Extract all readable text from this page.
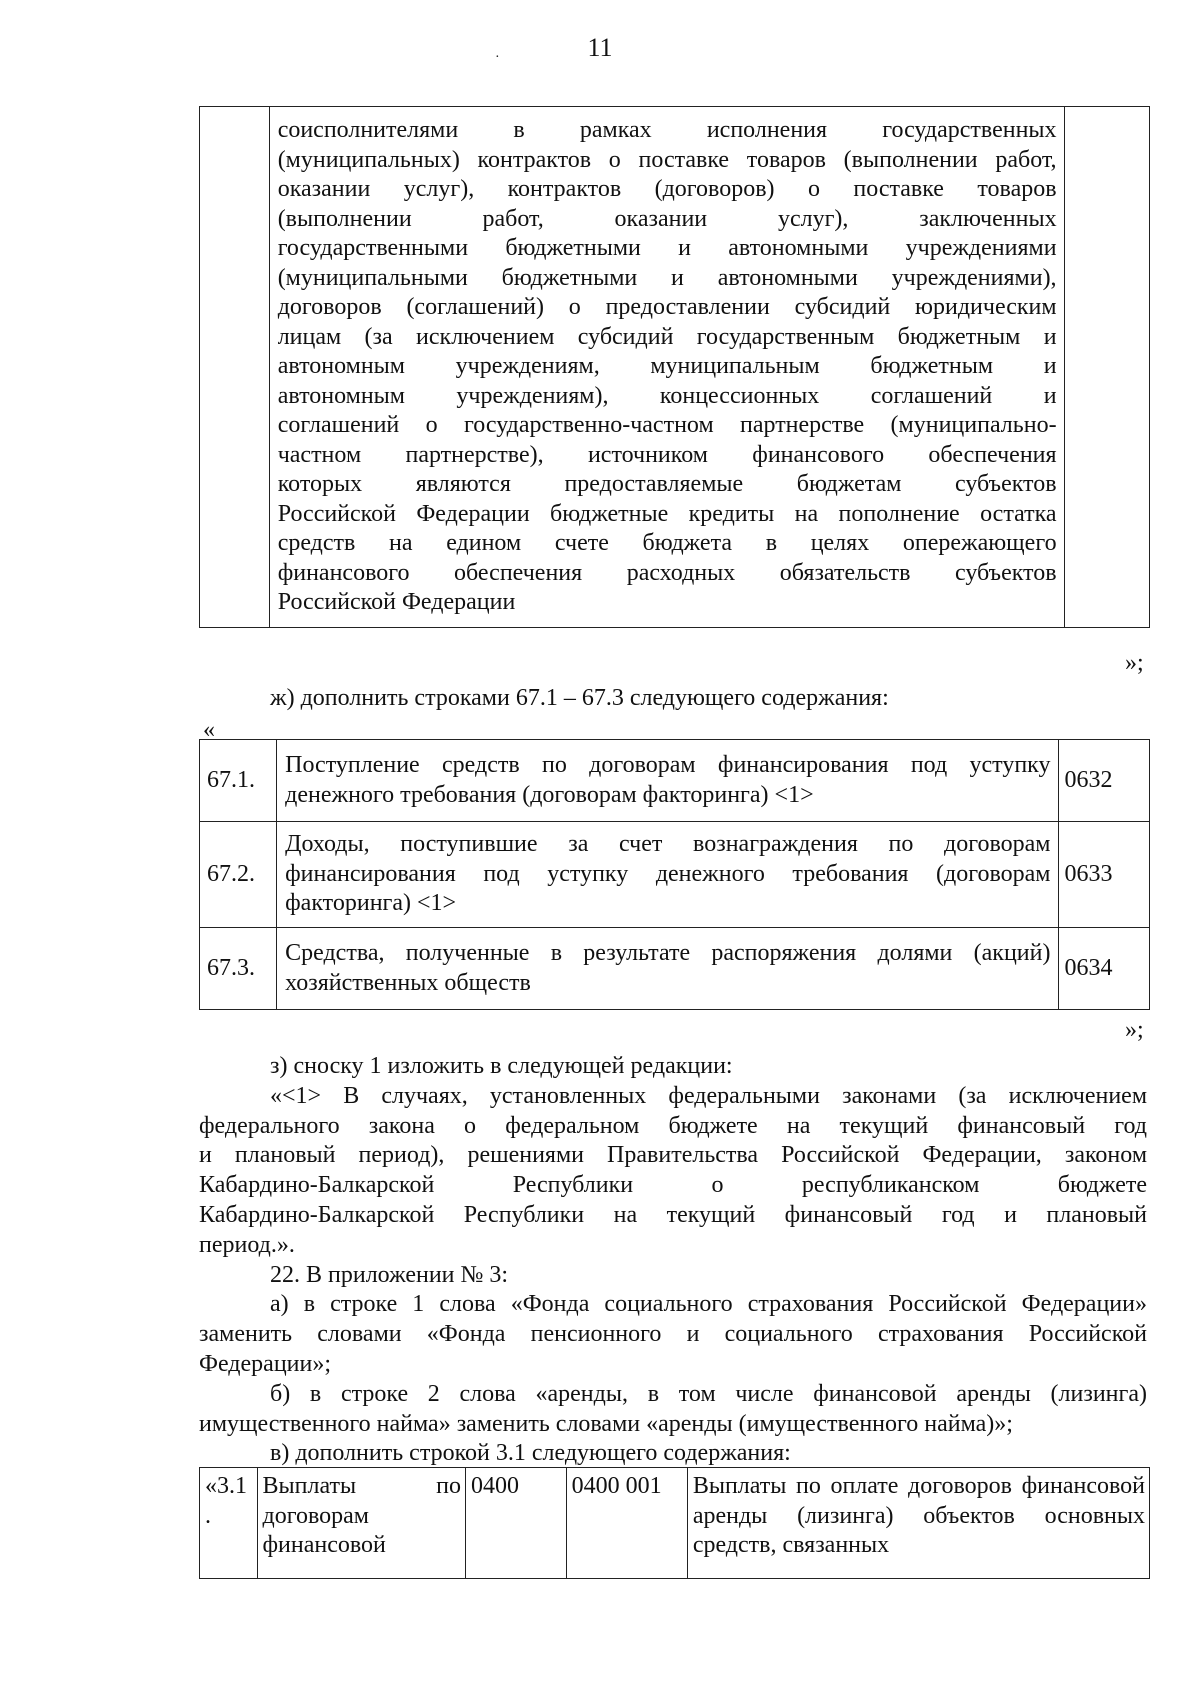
11
·

соисполнителями в рамках исполнения государственных
(муниципальных) контрактов о поставке товаров (выполнении работ,
оказании услуг), контрактов (договоров) о поставке товаров
(выполнении работ, оказании услуг), заключенных
государственными бюджетными и автономными учреждениями
(муниципальными бюджетными и автономными учреждениями),
договоров (соглашений) о предоставлении субсидий юридическим
лицам (за исключением субсидий государственным бюджетным и
автономным учреждениям, муниципальным бюджетным и
автономным учреждениям), концессионных соглашений и
соглашений о государственно-частном партнерстве (муниципально-
частном партнерстве), источником финансового обеспечения
которых являются предоставляемые бюджетам субъектов
Российской Федерации бюджетные кредиты на пополнение остатка
средств на едином счете бюджета в целях опережающего
финансового обеспечения расходных обязательств субъектов
Российской Федерации

»;
ж) дополнить строками 67.1 – 67.3 следующего содержания:
«
67.1.	Поступление средств по договорам финансирования под уступку денежного требования (договорам факторинга) <1>	0632
67.2.	Доходы, поступившие за счет вознаграждения по договорам финансирования под уступку денежного требования (договорам факторинга) <1>	0633
67.3.	Средства, полученные в результате распоряжения долями (акций) хозяйственных обществ	0634
»;
з) сноску 1 изложить в следующей редакции:
«<1> В случаях, установленных федеральными законами (за исключением
федерального закона о федеральном бюджете на текущий финансовый год
и плановый период), решениями Правительства Российской Федерации, законом
Кабардино-Балкарской Республики о республиканском бюджете
Кабардино-Балкарской Республики на текущий финансовый год и плановый
период.».
22. В приложении № 3:
а) в строке 1 слова «Фонда социального страхования Российской Федерации»
заменить словами «Фонда пенсионного и социального страхования Российской
Федерации»;
б) в строке 2 слова «аренды, в том числе финансовой аренды (лизинга)
имущественного найма» заменить словами «аренды (имущественного найма)»;
в) дополнить строкой 3.1 следующего содержания:
«3.1 .	Выплаты по договорам финансовой	0400	0400 001	Выплаты по оплате договоров финансовой аренды (лизинга) объектов основных средств, связанных
